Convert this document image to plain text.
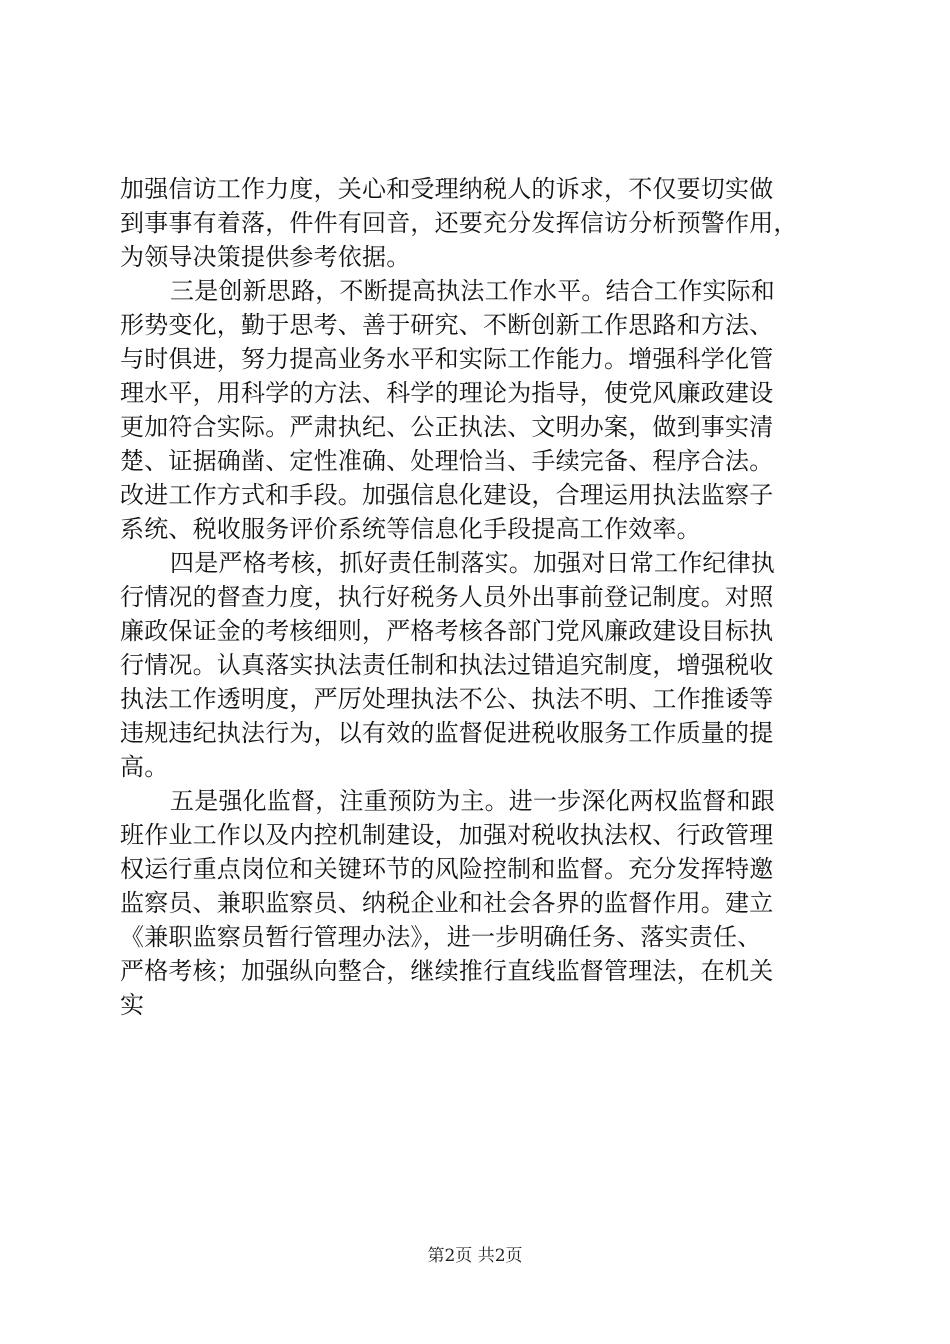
加强信访工作力度，关心和受理纳税人的诉求，不仅要切实做
到事事有着落，件件有回音，还要充分发挥信访分析预警作用，
为领导决策提供参考依据。
三是创新思路，不断提高执法工作水平。结合工作实际和
形势变化，勤于思考、善于研究、不断创新工作思路和方法、
与时俱进，努力提高业务水平和实际工作能力。增强科学化管
理水平，用科学的方法、科学的理论为指导，使党风廉政建设
更加符合实际。严肃执纪、公正执法、文明办案，做到事实清
楚、证据确凿、定性准确、处理恰当、手续完备、程序合法。
改进工作方式和手段。加强信息化建设，合理运用执法监察子
系统、税收服务评价系统等信息化手段提高工作效率。
四是严格考核，抓好责任制落实。加强对日常工作纪律执
行情况的督查力度，执行好税务人员外出事前登记制度。对照
廉政保证金的考核细则，严格考核各部门党风廉政建设目标执
行情况。认真落实执法责任制和执法过错追究制度，增强税收
执法工作透明度，严厉处理执法不公、执法不明、工作推诿等
违规违纪执法行为，以有效的监督促进税收服务工作质量的提
高。
五是强化监督，注重预防为主。进一步深化两权监督和跟
班作业工作以及内控机制建设，加强对税收执法权、行政管理
权运行重点岗位和关键环节的风险控制和监督。充分发挥特邀
监察员、兼职监察员、纳税企业和社会各界的监督作用。建立
《兼职监察员暂行管理办法》，进一步明确任务、落实责任、
严格考核；加强纵向整合，继续推行直线监督管理法，在机关
实
第2页 共2页
